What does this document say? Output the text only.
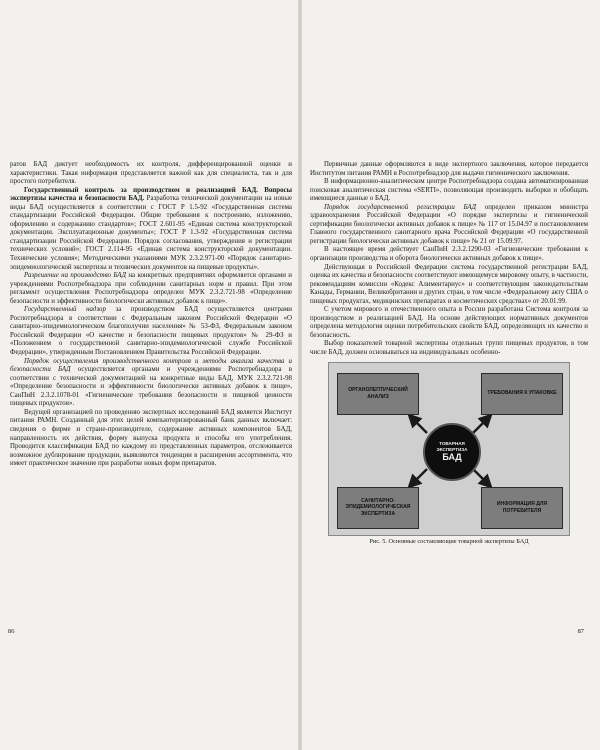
ратов БАД диктует необходимость их контроля, дифференцированной оценки и характеристики. Такая информация представляется важной как для специалиста, так и для простого потребителя.

Государственный контроль за производством и реализацией БАД. Вопросы экспертизы качества и безопасности БАД. Разработка технической документации на новые виды БАД осуществляется в соответствии с ГОСТ Р 1.5-92 «Государственная система стандартизации Российской Федерации. Общие требования к построению, изложению, оформлению и содержанию стандартов»; ГОСТ 2.601-95 «Единая система конструкторской документации. Эксплуатационные документы»; ГОСТ Р 1.3-92 «Государственная система стандартизации Российской Федерации. Порядок согласования, утверждения и регистрации технических условий»; ГОСТ 2.114-95 «Единая система конструкторской документации. Технические условия»; Методическими указаниями МУК 2.3.2.971-00 «Порядок санитарно-эпидемиологической экспертизы и технических документов на пищевые продукты».

Разрешение на производство БАД на конкретных предприятиях оформляется органами и учреждениями Роспотребнадзора при соблюдении санитарных норм и правил. При этом регламент осуществления Роспотребнадзора определен МУК 2.3.2.721-98 «Определение безопасности и эффективности биологически активных добавок к пище».

Государственный надзор за производством БАД осуществляется центрами Роспотребнадзора в соответствии с Федеральным законом Российской Федерации «О санитарно-эпидемиологическом благополучии населения» № 53-ФЗ, Федеральным законом Российской Федерации «О качестве и безопасности пищевых продуктов» № 29-ФЗ и «Положением о государственной санитарно-эпидемиологической службе Российской Федерации», утвержденным Постановлением Правительства Российской Федерации.

Порядок осуществления производственного контроля и методы анализа качества и безопасности БАД осуществляется органами и учреждениями Роспотребнадзора в соответствии с технической документацией на конкретные виды БАД, МУК 2.3.2.721-98 «Определение безопасности и эффективности биологически активных добавок к пище», СанПиН 2.3.2.1078-01 «Гигиенические требования безопасности и пищевой ценности пищевых продуктов».

Ведущей организацией по проведению экспертных исследований БАД является Институт питания РАМН. Созданный для этих целей компьютеризированный банк данных включает: сведения о фирме и стране-производителе, содержание активных компонентов БАД, направленность их действия, форму выпуска продукта и способы его употребления. Проводится классификация БАД по каждому из представленных параметров, отслеживается возможное дублирование продукции, выявляются тенденции в расширении ассортимента, что имеет практическое значение при разработке новых форм препаратов.

86

Первичные данные оформляются в виде экспертного заключения, которое передается Институтом питания РАМН в Роспотребнадзор для выдачи гигиенического заключения.

В информационно-аналитическом центре Роспотребнадзора создана автоматизированная поисковая аналитическая система «SERTI», позволяющая производить выборки и обобщать имеющиеся данные о БАД.

Порядок государственной регистрации БАД определен приказом министра здравоохранения Российской Федерации «О порядке экспертизы и гигиенической сертификации биологически активных добавок к пище» № 117 от 15.04.97 и постановлением Главного государственного санитарного врача Российской Федерации «О государственной регистрации биологически активных добавок к пище» № 21 от 15.09.97.

В настоящее время действует СанПиН 2.3.2.1290-03 «Гигиенические требования к организации производства и оборота биологически активных добавок к пище».

Действующая в Российской Федерации система государственной регистрации БАД, оценка их качества и безопасности соответствуют имеющемуся мировому опыту, в частности, рекомендациям комиссии «Кодекс Алиментариус» и соответствующим законодательствам Канады, Германии, Великобритании и других стран, в том числе «Федеральному акту США о пищевых продуктах, медицинских препаратах и косметических средствах» от 20.01.99.

С учетом мирового и отечественного опыта в России разработана Система контроля за производством и реализацией БАД. На основе действующих нормативных документов определена методология оценки потребительских свойств БАД, определяющих их качество и безопасность.

Выбор показателей товарной экспертизы отдельных групп пищевых продуктов, в том числе БАД, должен основываться на индивидуальных особенно-

ОРГАНОЛЕПТИЧЕСКИЙ АНАЛИЗ
ТРЕБОВАНИЯ К УПАКОВКЕ
САНИТАРНО-ЭПИДЕМИОЛОГИЧЕСКАЯ ЭКСПЕРТИЗА
ИНФОРМАЦИЯ ДЛЯ ПОТРЕБИТЕЛЯ
ТОВАРНАЯ
ЭКСПЕРТИЗА
БАД

Рис. 5. Основные составляющие товарной экспертизы БАД

87
